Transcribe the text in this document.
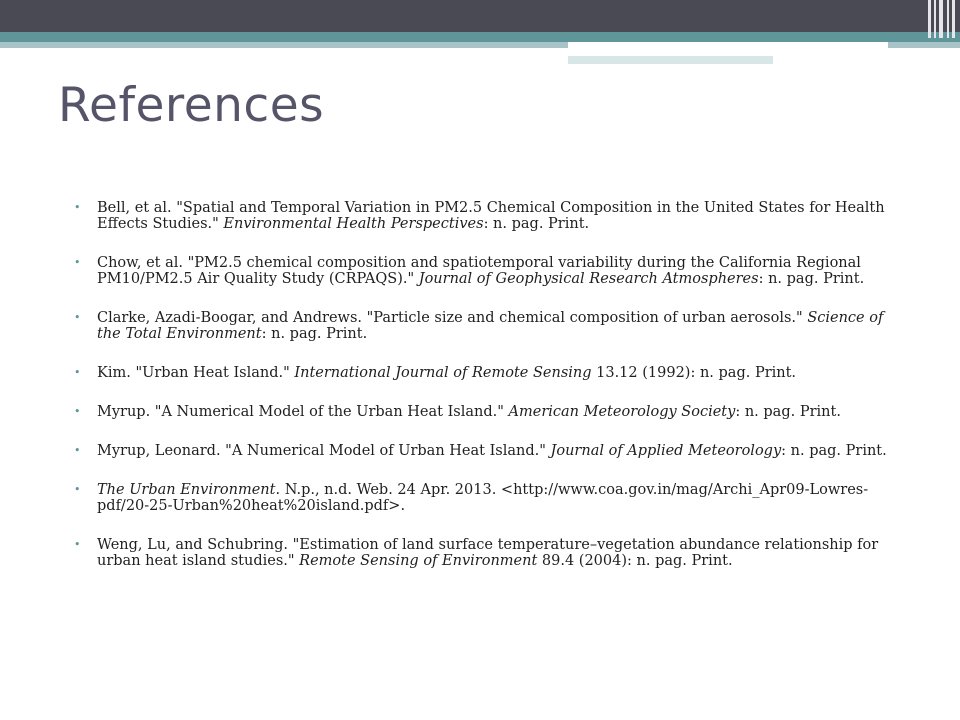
References
• Bell, et al. "Spatial and Temporal Variation in PM2.5 Chemical Composition in the United States for Health Effects Studies." Environmental Health Perspectives: n. pag. Print.
• Chow, et al. "PM2.5 chemical composition and spatiotemporal variability during the California Regional PM10/PM2.5 Air Quality Study (CRPAQS)." Journal of Geophysical Research Atmospheres: n. pag. Print.
• Clarke, Azadi-Boogar, and Andrews. "Particle size and chemical composition of urban aerosols." Science of the Total Environment: n. pag. Print.
• Kim. "Urban Heat Island." International Journal of Remote Sensing 13.12 (1992): n. pag. Print.
• Myrup. "A Numerical Model of the Urban Heat Island." American Meteorology Society: n. pag. Print.
• Myrup, Leonard. "A Numerical Model of Urban Heat Island." Journal of Applied Meteorology: n. pag. Print.
• The Urban Environment. N.p., n.d. Web. 24 Apr. 2013. <http://www.coa.gov.in/mag/Archi_Apr09-Lowres-pdf/20-25-Urban%20heat%20island.pdf>.
• Weng, Lu, and Schubring. "Estimation of land surface temperature–vegetation abundance relationship for urban heat island studies." Remote Sensing of Environment 89.4 (2004): n. pag. Print.
